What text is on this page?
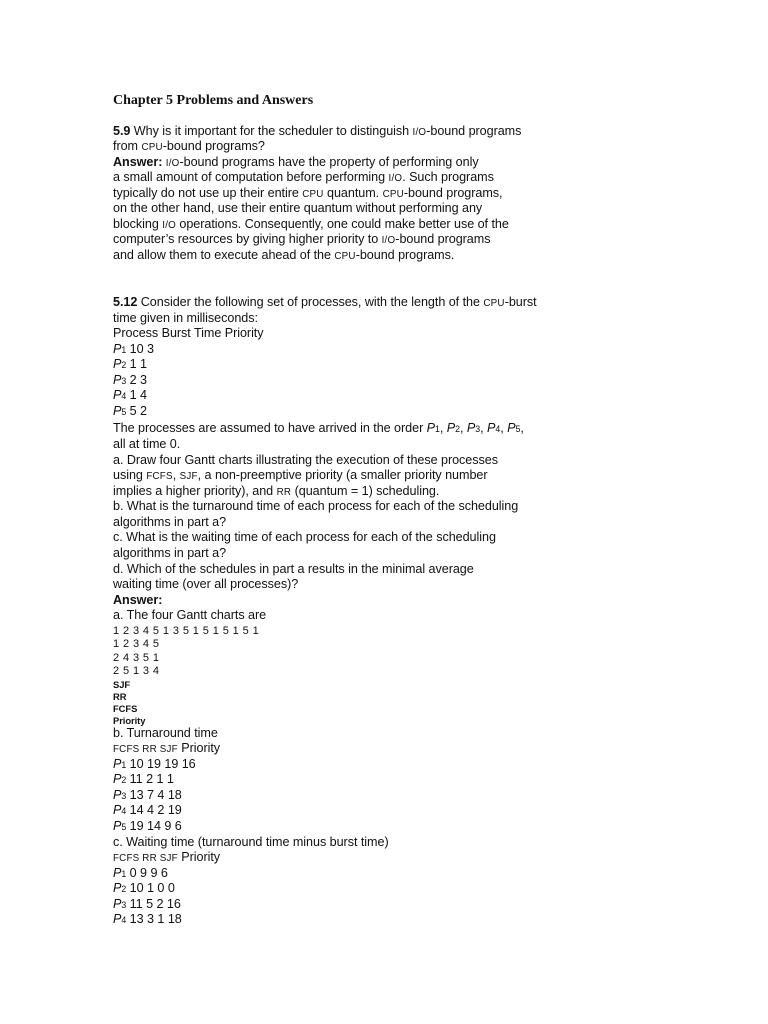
Chapter 5 Problems and Answers

5.9 Why is it important for the scheduler to distinguish I/O-bound programs

from CPU-bound programs?

Answer: I/O-bound programs have the property of performing only

a small amount of computation before performing I/O. Such programs

typically do not use up their entire CPU quantum. CPU-bound programs,

on the other hand, use their entire quantum without performing any

blocking I/O operations. Consequently, one could make better use of the

computer’s resources by giving higher priority to I/O-bound programs

and allow them to execute ahead of the CPU-bound programs.

5.12 Consider the following set of processes, with the length of the CPU-burst

time given in milliseconds:

Process Burst Time Priority

P1 10 3

P2 1 1

P3 2 3

P4 1 4

P5 5 2

The processes are assumed to have arrived in the order P1, P2, P3, P4, P5,

all at time 0.

a. Draw four Gantt charts illustrating the execution of these processes

using FCFS, SJF, a non-preemptive priority (a smaller priority number

implies a higher priority), and RR (quantum = 1) scheduling.

b. What is the turnaround time of each process for each of the scheduling

algorithms in part a?

c. What is the waiting time of each process for each of the scheduling

algorithms in part a?

d. Which of the schedules in part a results in the minimal average

waiting time (over all processes)?

Answer:

a. The four Gantt charts are

1 2 3 4 5 1 3 5 1 5 1 5 1 5 1

1 2 3 4 5

2 4 3 5 1

2 5 1 3 4

SJF

RR

FCFS

Priority

b. Turnaround time

FCFS RR SJF Priority

P1 10 19 19 16

P2 11 2 1 1

P3 13 7 4 18

P4 14 4 2 19

P5 19 14 9 6

c. Waiting time (turnaround time minus burst time)

FCFS RR SJF Priority

P1 0 9 9 6

P2 10 1 0 0

P3 11 5 2 16

P4 13 3 1 18
